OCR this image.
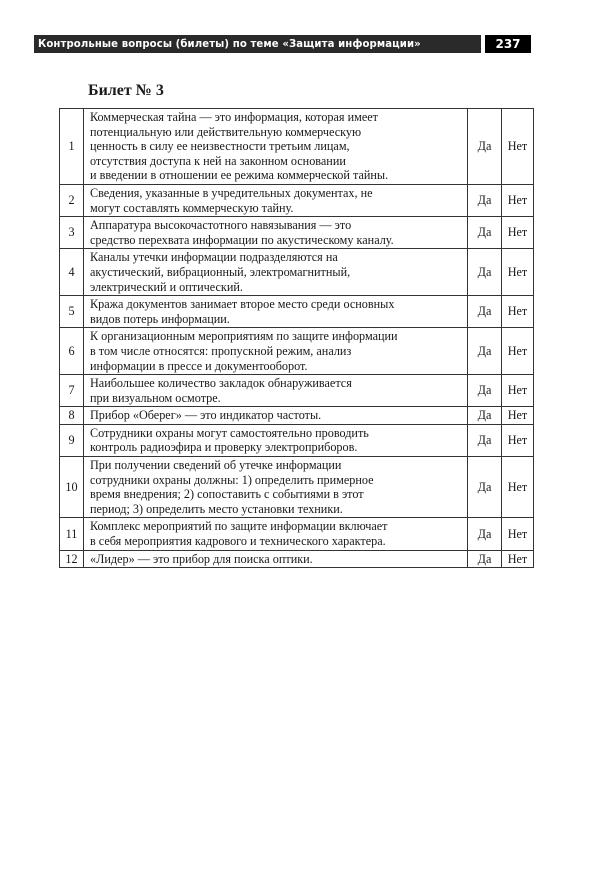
Контрольные вопросы (билеты) по теме «Защита информации»	237
Билет № 3
1	Коммерческая тайна — это информация, которая имеет
потенциальную или действительную коммерческую
ценность в силу ее неизвестности третьим лицам,
отсутствия доступа к ней на законном основании
и введении в отношении ее режима коммерческой тайны.	Да	Нет
2	Сведения, указанные в учредительных документах, не
могут составлять коммерческую тайну.	Да	Нет
3	Аппаратура высокочастотного навязывания — это
средство перехвата информации по акустическому каналу.	Да	Нет
4	Каналы утечки информации подразделяются на
акустический, вибрационный, электромагнитный,
электрический и оптический.	Да	Нет
5	Кража документов занимает второе место среди основных
видов потерь информации.	Да	Нет
6	К организационным мероприятиям по защите информации
в том числе относятся: пропускной режим, анализ
информации в прессе и документооборот.	Да	Нет
7	Наибольшее количество закладок обнаруживается
при визуальном осмотре.	Да	Нет
8	Прибор «Оберег» — это индикатор частоты.	Да	Нет
9	Сотрудники охраны могут самостоятельно проводить
контроль радиоэфира и проверку электроприборов.	Да	Нет
10	При получении сведений об утечке информации
сотрудники охраны должны: 1) определить примерное
время внедрения; 2) сопоставить с событиями в этот
период; 3) определить место установки техники.	Да	Нет
11	Комплекс мероприятий по защите информации включает
в себя мероприятия кадрового и технического характера.	Да	Нет
12	«Лидер» — это прибор для поиска оптики.	Да	Нет
